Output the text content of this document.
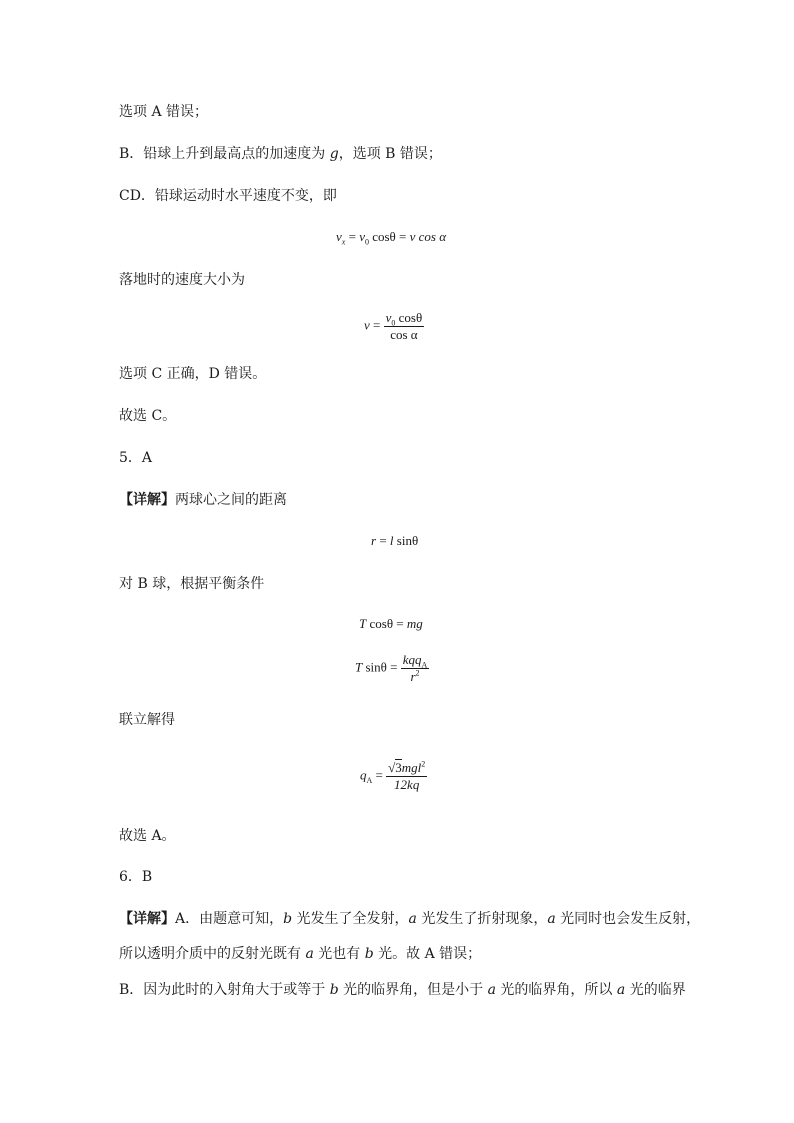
选项 A 错误；
B．铅球上升到最高点的加速度为 g，选项 B 错误；
CD．铅球运动时水平速度不变，即
$v_x = v_0$ cosθ = v cos α
落地时的速度大小为
$v = \frac{v_0 \cos\theta}{\text{cos α}}$
选项 C 正确，D 错误。
故选 C。
5．A
【详解】两球心之间的距离
r = l sinθ
对 B 球，根据平衡条件
T cosθ = mg
T $\sin\theta = \frac{kqq_A}{r^2}$
联立解得
$q_A = \frac{√3mgl^2}{12kq}$
故选 A。
6．B
【详解】A．由题意可知，b 光发生了全发射，a 光发生了折射现象，a 光同时也会发生反射，
所以透明介质中的反射光既有 a 光也有 b 光。故 A 错误；
B．因为此时的入射角大于或等于 b 光的临界角，但是小于 a 光的临界角，所以 a 光的临界
